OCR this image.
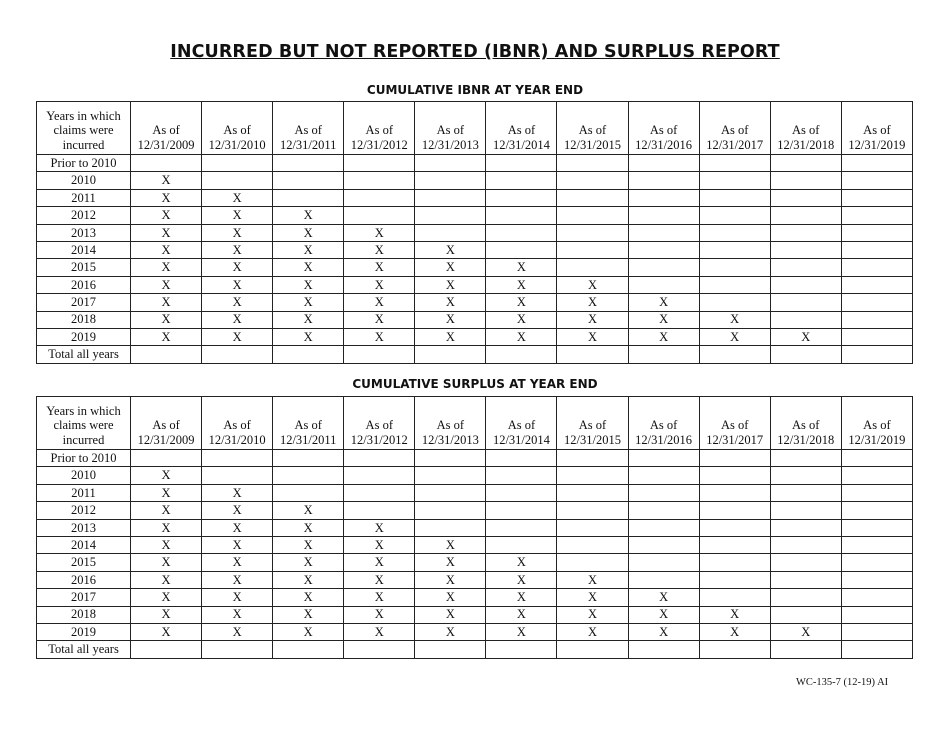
INCURRED BUT NOT REPORTED (IBNR) AND SURPLUS REPORT
CUMULATIVE IBNR AT YEAR END
Years in which
claims were
incurred	As of
12/31/2009	As of
12/31/2010	As of
12/31/2011	As of
12/31/2012	As of
12/31/2013	As of
12/31/2014	As of
12/31/2015	As of
12/31/2016	As of
12/31/2017	As of
12/31/2018	As of
12/31/2019
Prior to 2010											
2010	X										
2011	X	X									
2012	X	X	X								
2013	X	X	X	X							
2014	X	X	X	X	X						
2015	X	X	X	X	X	X					
2016	X	X	X	X	X	X	X				
2017	X	X	X	X	X	X	X	X			
2018	X	X	X	X	X	X	X	X	X		
2019	X	X	X	X	X	X	X	X	X	X	
Total all years											
CUMULATIVE SURPLUS AT YEAR END
Years in which
claims were
incurred	As of
12/31/2009	As of
12/31/2010	As of
12/31/2011	As of
12/31/2012	As of
12/31/2013	As of
12/31/2014	As of
12/31/2015	As of
12/31/2016	As of
12/31/2017	As of
12/31/2018	As of
12/31/2019
Prior to 2010											
2010	X										
2011	X	X									
2012	X	X	X								
2013	X	X	X	X							
2014	X	X	X	X	X						
2015	X	X	X	X	X	X					
2016	X	X	X	X	X	X	X				
2017	X	X	X	X	X	X	X	X			
2018	X	X	X	X	X	X	X	X	X		
2019	X	X	X	X	X	X	X	X	X	X	
Total all years											
WC-135-7 (12-19) AI
